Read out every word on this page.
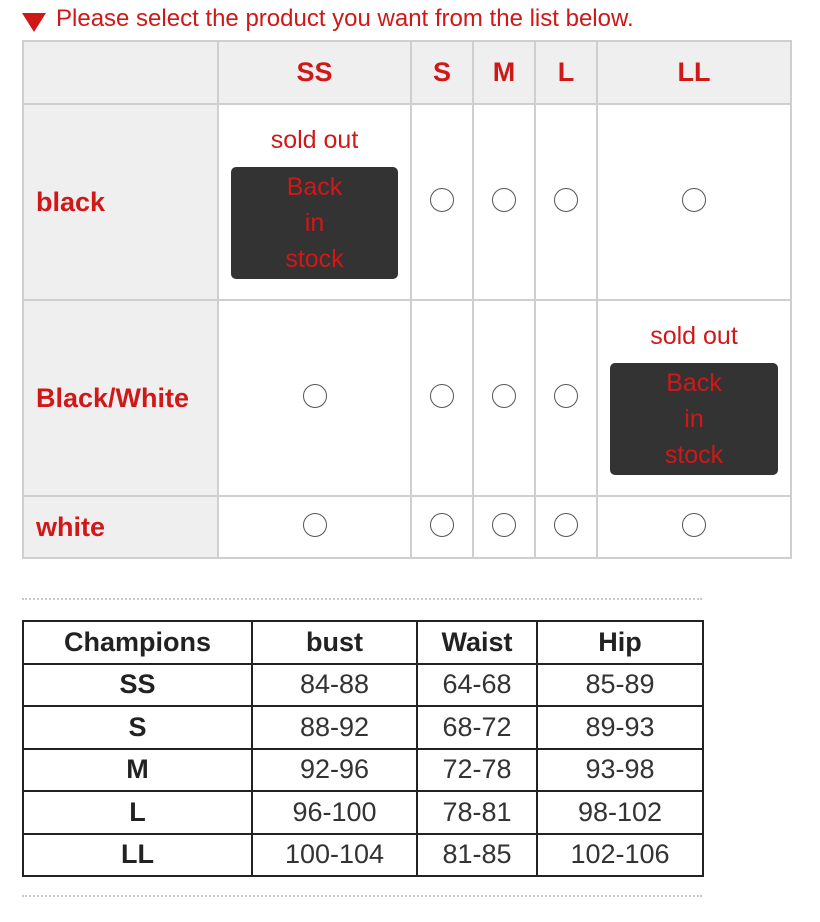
Please select the product you want from the list below.
	SS	S	M	L	LL
black	sold out
Back
in
stock				

Black/White					sold out
Back
in
stock

white					
Champions	bust	Waist	Hip
SS	84-88	64-68	85-89
S	88-92	68-72	89-93
M	92-96	72-78	93-98
L	96-100	78-81	98-102
LL	100-104	81-85	102-106
